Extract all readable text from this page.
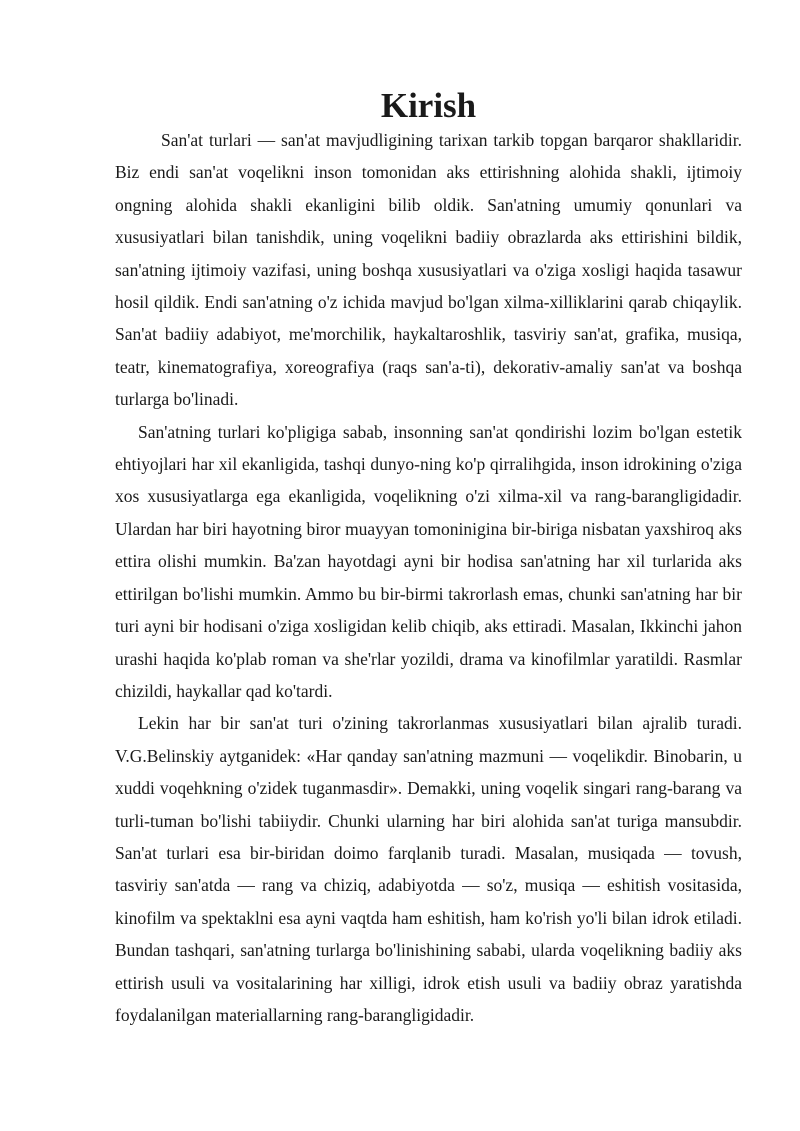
Kirish

San'at turlari — san'at mavjudligining tarixan tarkib topgan barqaror shakllaridir. Biz endi san'at voqelikni inson tomonidan aks ettirishning alohida shakli, ijtimoiy ongning alohida shakli ekanligini bilib oldik. San'atning umumiy qonunlari va xususiyatlari bilan tanishdik, uning voqelikni badiiy obrazlarda aks ettirishini bildik, san'atning ijtimoiy vazifasi, uning boshqa xususiyatlari va o'ziga xosligi haqida tasawur hosil qildik. Endi san'atning o'z ichida mavjud bo'lgan xilma-xilliklarini qarab chiqaylik. San'at badiiy adabiyot, me'morchilik, haykaltaroshlik, tasviriy san'at, grafika, musiqa, teatr, kinematografiya, xoreografiya (raqs san'a-ti), dekorativ-amaliy san'at va boshqa turlarga bo'linadi.

San'atning turlari ko'pligiga sabab, insonning san'at qondirishi lozim bo'lgan estetik ehtiyojlari har xil ekanligida, tashqi dunyo-ning ko'p qirralihgida, inson idrokining o'ziga xos xususiyatlarga ega ekanligida, voqelikning o'zi xilma-xil va rang-barangligidadir. Ulardan har biri hayotning biror muayyan tomoninigina bir-biriga nisbatan yaxshiroq aks ettira olishi mumkin. Ba'zan hayotdagi ayni bir hodisa san'atning har xil turlarida aks ettirilgan bo'lishi mumkin. Ammo bu bir-birmi takrorlash emas, chunki san'atning har bir turi ayni bir hodisani o'ziga xosligidan kelib chiqib, aks ettiradi. Masalan, Ikkinchi jahon urashi haqida ko'plab roman va she'rlar yozildi, drama va kinofilmlar yaratildi. Rasmlar chizildi, haykallar qad ko'tardi.

Lekin har bir san'at turi o'zining takrorlanmas xususiyatlari bilan ajralib turadi. V.G.Belinskiy aytganidek: «Har qanday san'atning mazmuni — voqelikdir. Binobarin, u xuddi voqehkning o'zidek tuganmasdir». Demakki, uning voqelik singari rang-barang va turli-tuman bo'lishi tabiiydir. Chunki ularning har biri alohida san'at turiga mansubdir. San'at turlari esa bir-biridan doimo farqlanib turadi. Masalan, musiqada — tovush, tasviriy san'atda — rang va chiziq, adabiyotda — so'z, musiqa — eshitish vositasida, kinofilm va spektaklni esa ayni vaqtda ham eshitish, ham ko'rish yo'li bilan idrok etiladi. Bundan tashqari, san'atning turlarga bo'linishining sababi, ularda voqelikning badiiy aks ettirish usuli va vositalarining har xilligi, idrok etish usuli va badiiy obraz yaratishda foydalanilgan materiallarning rang-barangligidadir.
